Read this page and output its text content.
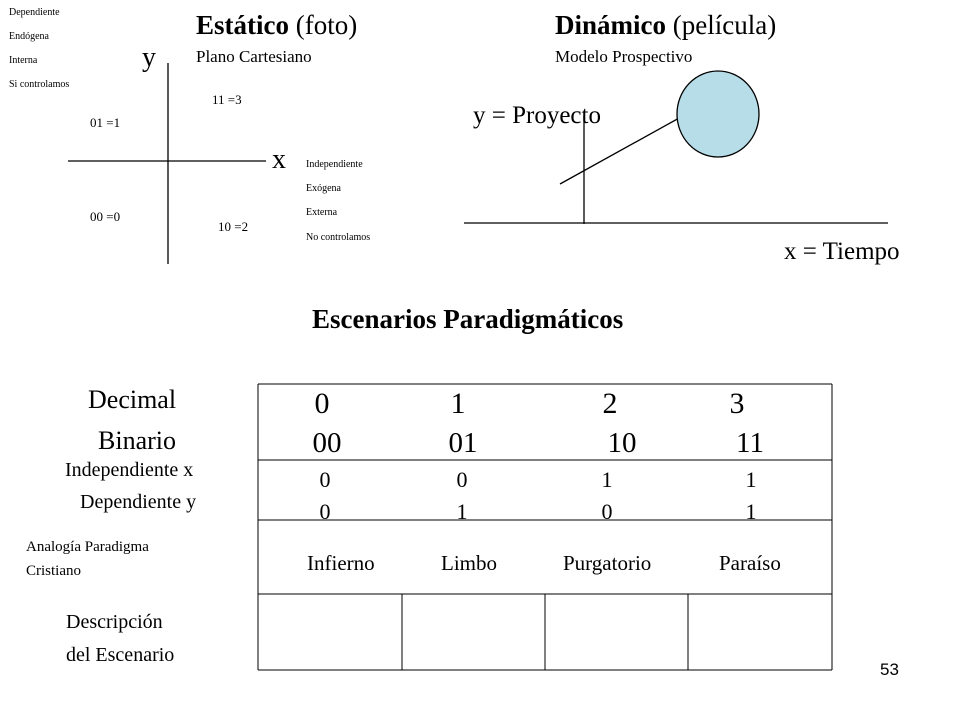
Dependiente
Endógena
Interna
Si controlamos
Estático (foto)
Plano Cartesiano
y
x
11 =3
01 =1
00 =0
10 =2
Independiente
Exógena
Externa
No controlamos
Dinámico (película)
Modelo Prospectivo
y = Proyecto
x = Tiempo
Escenarios Paradigmáticos
Decimal
Binario
Independiente x
Dependiente y
Analogía Paradigma
Cristiano
Descripción
del Escenario
0	1	2	3
00	01	10	11
0	0	1	1
0	1	0	1
Infierno	Limbo	Purgatorio	Paraíso
53
